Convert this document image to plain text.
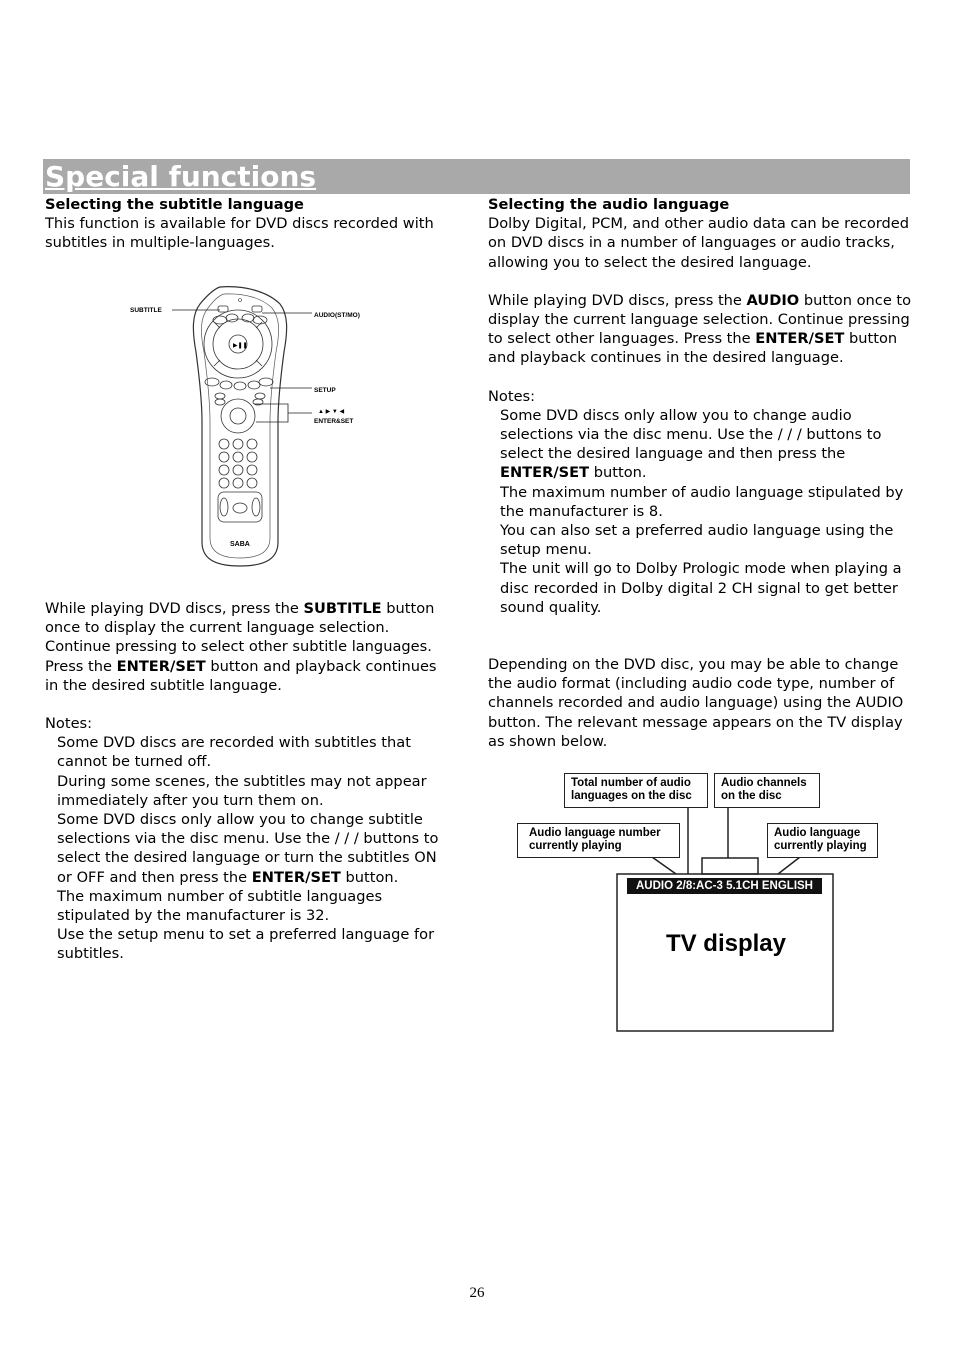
Special functions
Selecting the subtitle language
This function is available for DVD discs recorded with subtitles in multiple-languages.
▶❚❚
SABA
SUBTITLE
AUDIO(ST/MO)
SETUP
▲ ▶ ▼ ◀
ENTER&SET
While playing DVD discs, press the SUBTITLE button once to display the current language selection. Continue pressing to select other subtitle languages. Press the ENTER/SET button and playback continues in the desired subtitle language.
Notes:
Some DVD discs are recorded with subtitles that cannot be turned off.
During some scenes, the subtitles may not appear immediately after you turn them on.
Some DVD discs only allow you to change subtitle selections via the disc menu. Use the / / / buttons to select the desired language or turn the subtitles ON or OFF and then press the ENTER/SET button.
The maximum number of subtitle languages stipulated by the manufacturer is 32.
Use the setup menu to set a preferred language for subtitles.
Selecting the audio language
Dolby Digital, PCM, and other audio data can be recorded on DVD discs in a number of languages or audio tracks, allowing you to select the desired language.
While playing DVD discs, press the AUDIO button once to display the current language selection. Continue pressing to select other languages. Press the ENTER/SET button and playback continues in the desired language.
Notes:
Some DVD discs only allow you to change audio selections via the disc menu. Use the / / / buttons to select the desired language and then press the ENTER/SET button.
The maximum number of audio language stipulated by the manufacturer is 8.
You can also set a preferred audio language using the setup menu.
The unit will go to Dolby Prologic mode when playing a disc recorded in Dolby digital 2 CH signal to get better sound quality.
Depending on the DVD disc, you may be able to change the audio format (including audio code type, number of channels recorded and audio language) using the AUDIO button. The relevant message appears on the TV display as shown below.
Total number of audio languages on the disc
Audio channels on the disc
Audio language number currently playing
Audio language currently playing
AUDIO 2/8:AC-3 5.1CH ENGLISH
TV display
26
